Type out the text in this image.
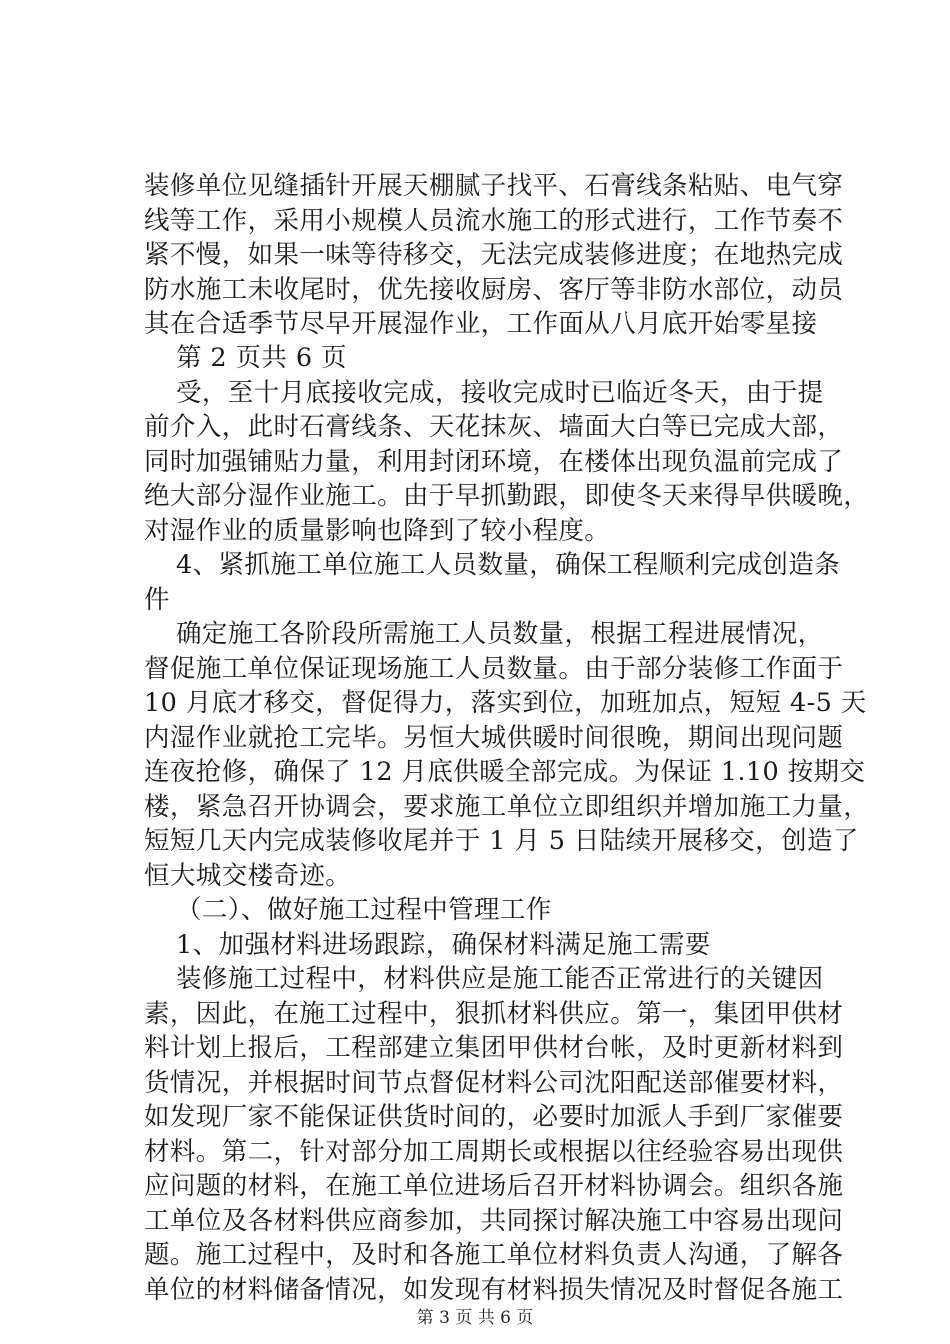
装修单位见缝插针开展天棚腻子找平、石膏线条粘贴、电气穿
线等工作，采用小规模人员流水施工的形式进行，工作节奏不
紧不慢，如果一味等待移交，无法完成装修进度；在地热完成
防水施工未收尾时，优先接收厨房、客厅等非防水部位，动员
其在合适季节尽早开展湿作业，工作面从八月底开始零星接
第 2 页共 6 页
受，至十月底接收完成，接收完成时已临近冬天，由于提
前介入，此时石膏线条、天花抹灰、墙面大白等已完成大部，
同时加强铺贴力量，利用封闭环境，在楼体出现负温前完成了
绝大部分湿作业施工。由于早抓勤跟，即使冬天来得早供暖晚，
对湿作业的质量影响也降到了较小程度。
4、紧抓施工单位施工人员数量，确保工程顺利完成创造条
件
确定施工各阶段所需施工人员数量，根据工程进展情况，
督促施工单位保证现场施工人员数量。由于部分装修工作面于
10 月底才移交，督促得力，落实到位，加班加点，短短 4-5 天
内湿作业就抢工完毕。另恒大城供暖时间很晚，期间出现问题
连夜抢修，确保了 12 月底供暖全部完成。为保证 1.10 按期交
楼，紧急召开协调会，要求施工单位立即组织并增加施工力量，
短短几天内完成装修收尾并于 1 月 5 日陆续开展移交，创造了
恒大城交楼奇迹。
（二）、做好施工过程中管理工作
1、加强材料进场跟踪，确保材料满足施工需要
装修施工过程中，材料供应是施工能否正常进行的关键因
素，因此，在施工过程中，狠抓材料供应。第一，集团甲供材
料计划上报后，工程部建立集团甲供材台帐，及时更新材料到
货情况，并根据时间节点督促材料公司沈阳配送部催要材料，
如发现厂家不能保证供货时间的，必要时加派人手到厂家催要
材料。第二，针对部分加工周期长或根据以往经验容易出现供
应问题的材料，在施工单位进场后召开材料协调会。组织各施
工单位及各材料供应商参加，共同探讨解决施工中容易出现问
题。施工过程中，及时和各施工单位材料负责人沟通，了解各
单位的材料储备情况，如发现有材料损失情况及时督促各施工
第 3 页 共 6 页
